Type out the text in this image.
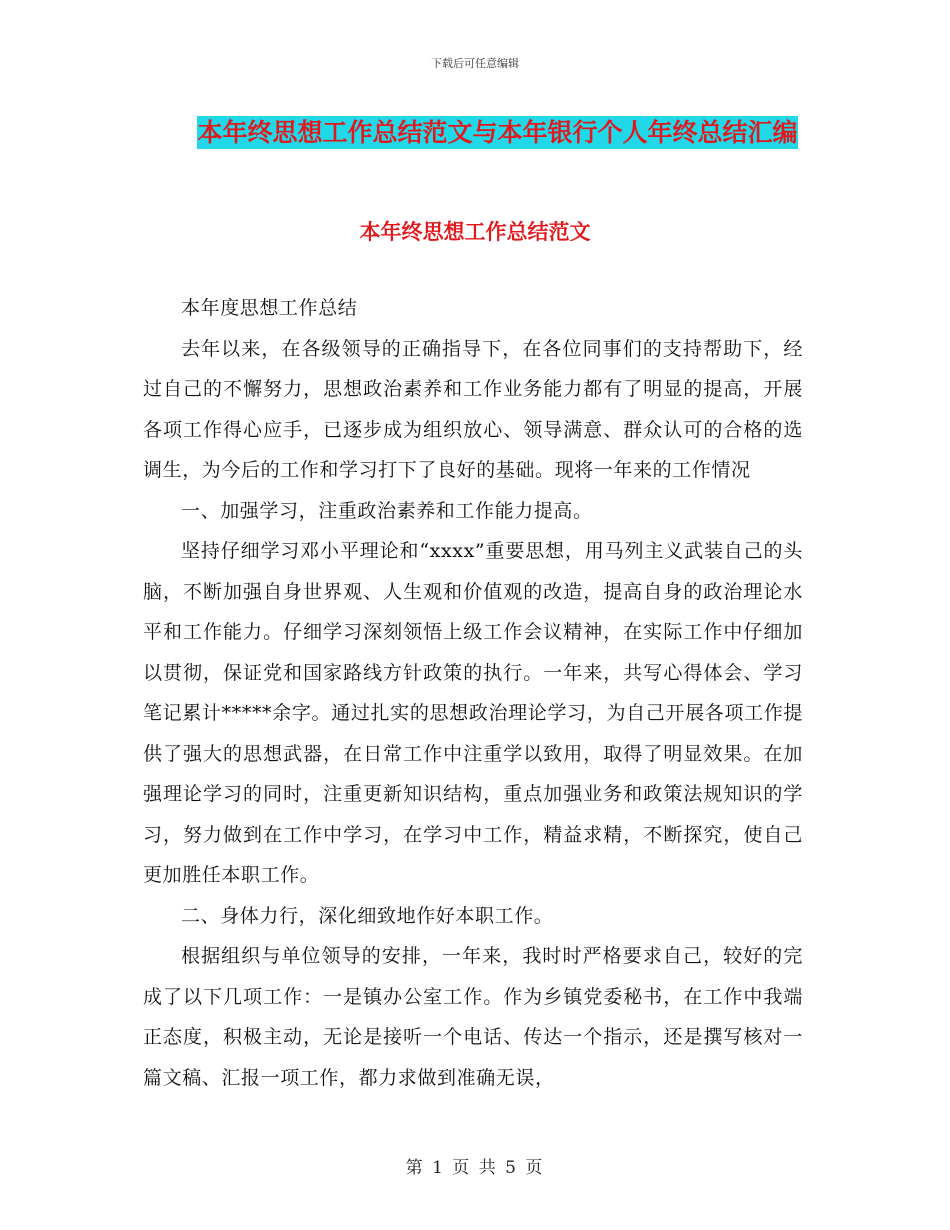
下载后可任意编辑
本年终思想工作总结范文与本年银行个人年终总结汇编
本年终思想工作总结范文

本年度思想工作总结

去年以来，在各级领导的正确指导下，在各位同事们的支持帮助下，经过自己的不懈努力，思想政治素养和工作业务能力都有了明显的提高，开展各项工作得心应手，已逐步成为组织放心、领导满意、群众认可的合格的选调生，为今后的工作和学习打下了良好的基础。现将一年来的工作情况

一、加强学习，注重政治素养和工作能力提高。

坚持仔细学习邓小平理论和“xxxx”重要思想，用马列主义武装自己的头脑，不断加强自身世界观、人生观和价值观的改造，提高自身的政治理论水平和工作能力。仔细学习深刻领悟上级工作会议精神，在实际工作中仔细加以贯彻，保证党和国家路线方针政策的执行。一年来，共写心得体会、学习笔记累计*****余字。通过扎实的思想政治理论学习，为自己开展各项工作提供了强大的思想武器，在日常工作中注重学以致用，取得了明显效果。在加强理论学习的同时，注重更新知识结构，重点加强业务和政策法规知识的学习，努力做到在工作中学习，在学习中工作，精益求精，不断探究，使自己更加胜任本职工作。

二、身体力行，深化细致地作好本职工作。

根据组织与单位领导的安排，一年来，我时时严格要求自己，较好的完成了以下几项工作：一是镇办公室工作。作为乡镇党委秘书，在工作中我端正态度，积极主动，无论是接听一个电话、传达一个指示，还是撰写核对一篇文稿、汇报一项工作，都力求做到准确无误，

第 1 页 共 5 页
